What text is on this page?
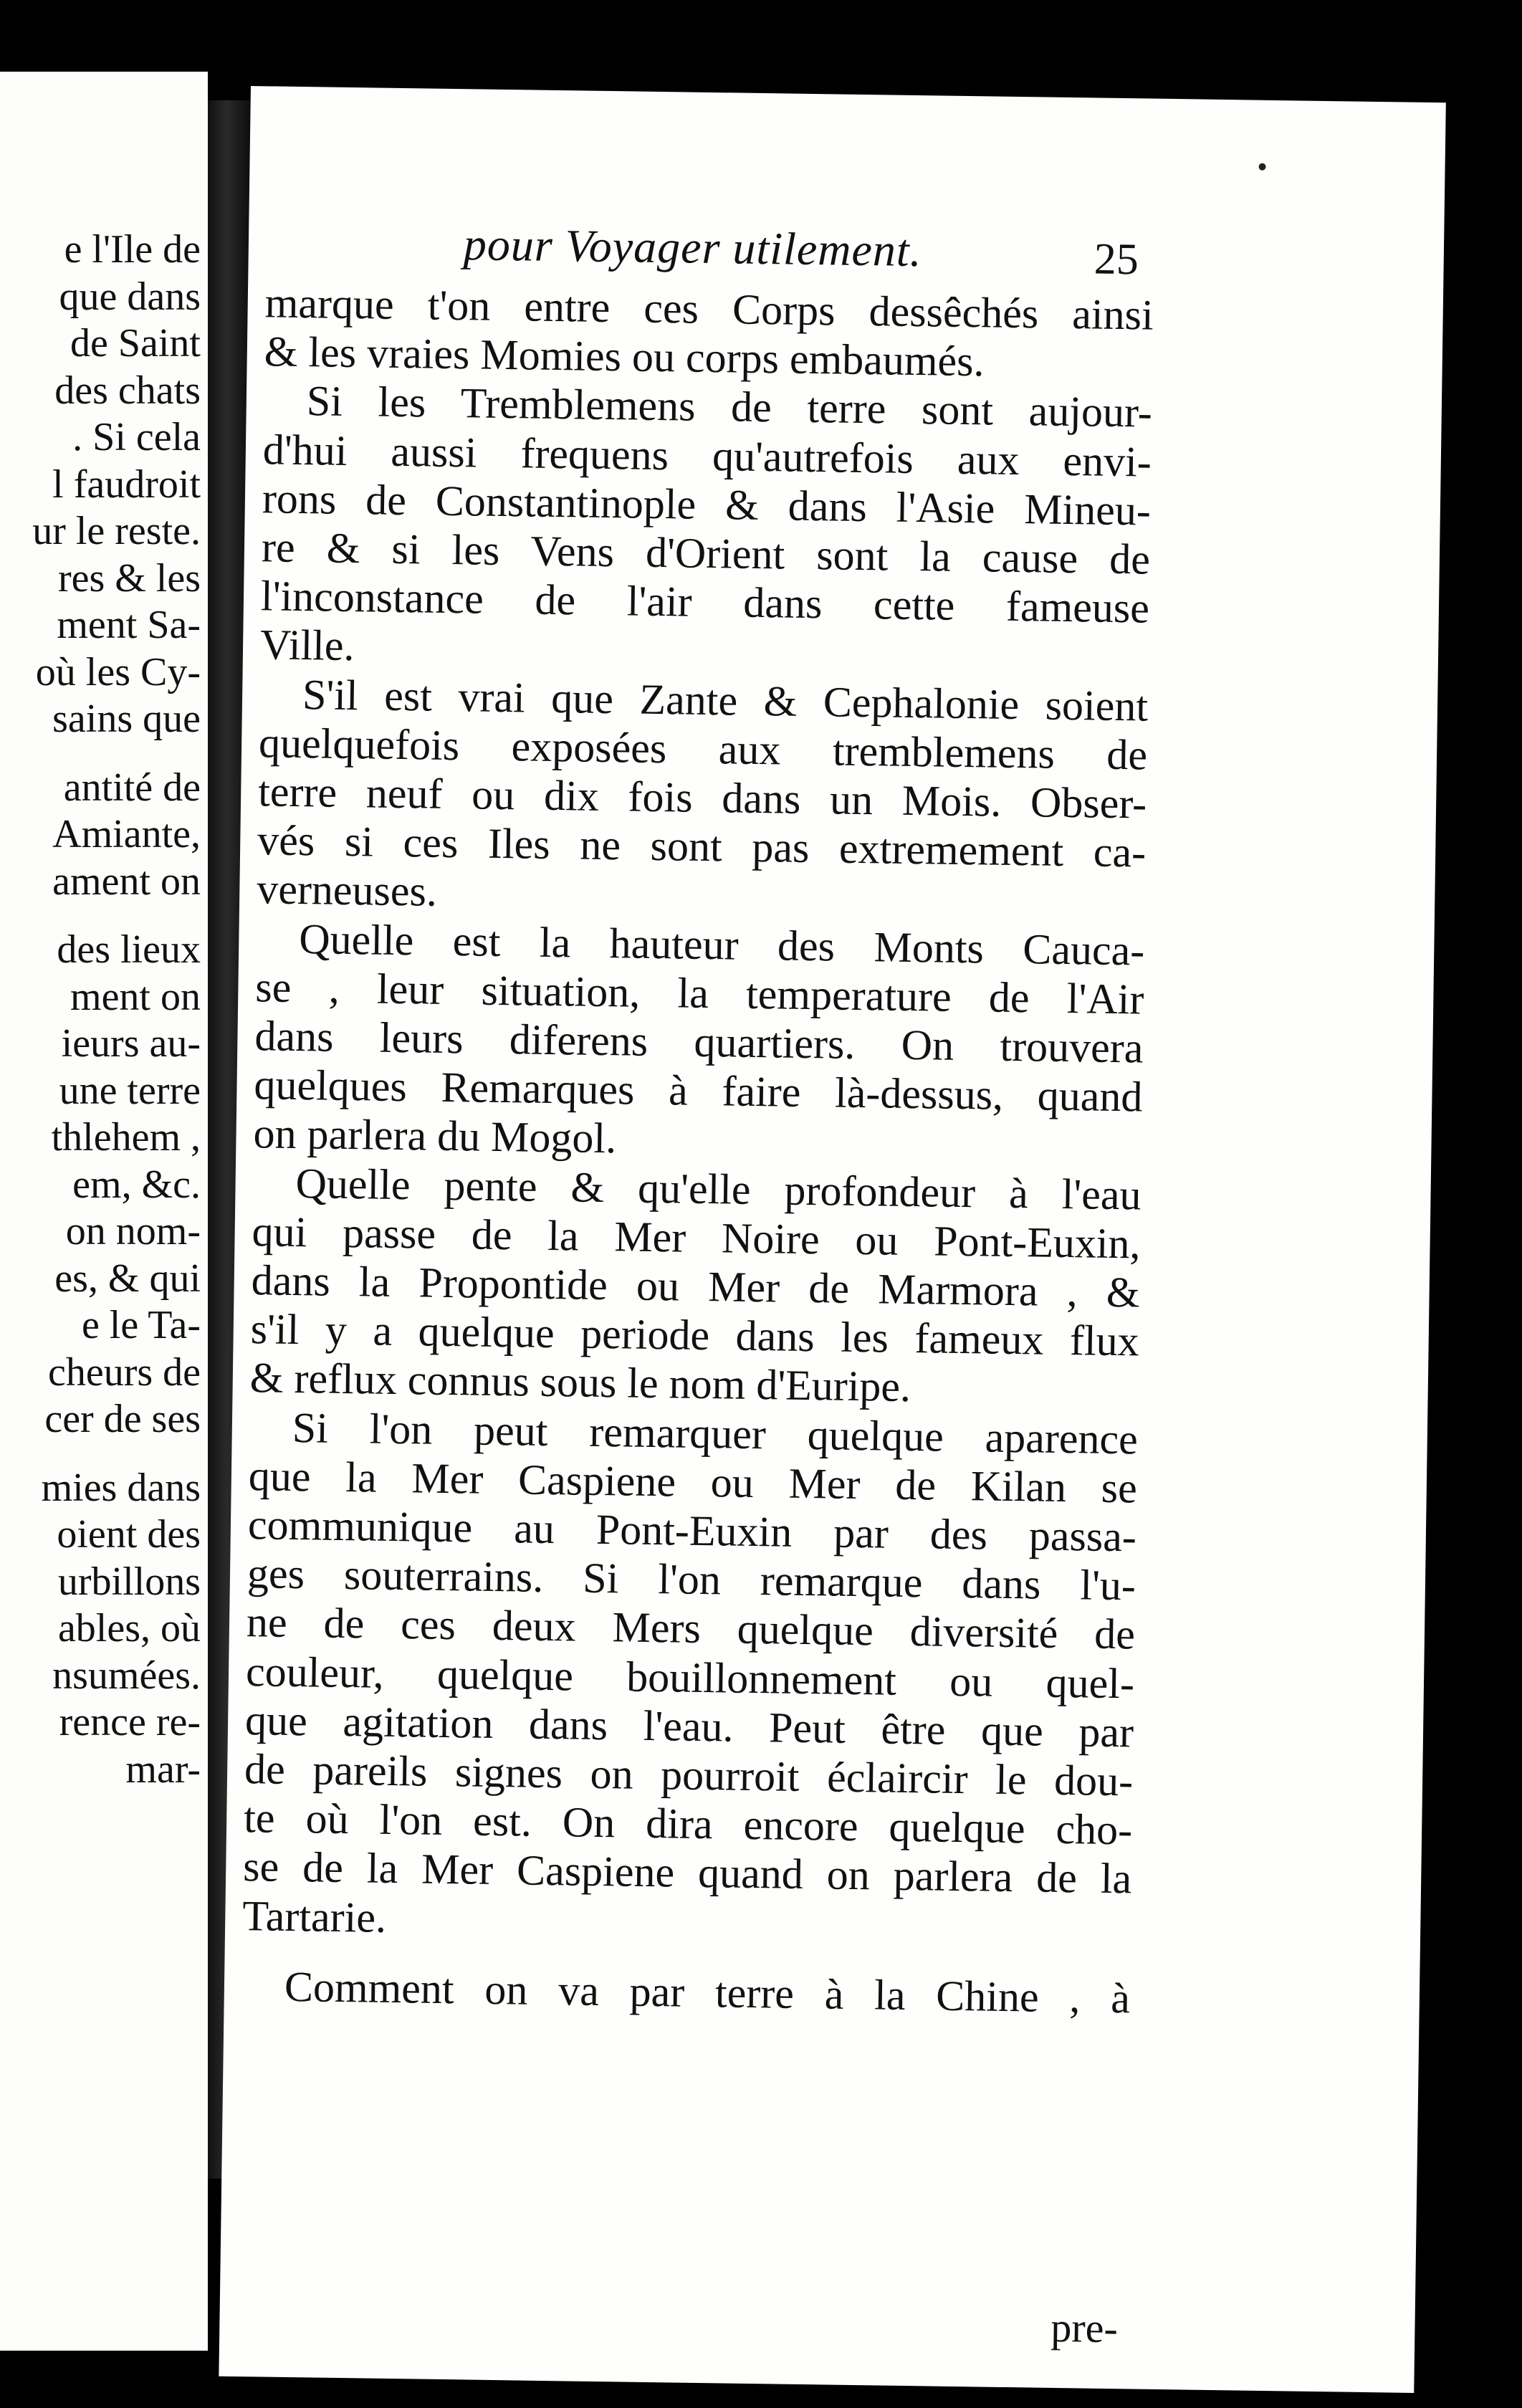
e l'Ile de
que dans
de Saint
des chats
. Si cela
l faudroit
ur le reste.
res & les
ment Sa-
où les Cy-
sains que
antité de
Amiante,
ament on
des lieux
ment on
ieurs au-
une terre
thlehem ,
em, &c.
on nom-
es, & qui
e le Ta-
cheurs de
cer de ses
mies dans
oient des
urbillons
ables, où
nsumées.
rence re-
mar-
pour Voyager utilement.	25
pre-
marque t'on entre ces Corps dessêchés ainsi
& les vraies Momies ou corps embaumés.
Si les Tremblemens de terre sont aujour-
d'hui aussi frequens qu'autrefois aux envi-
rons de Constantinople & dans l'Asie Mineu-
re & si les Vens d'Orient sont la cause de
l'inconstance de l'air dans cette fameuse
Ville.
S'il est vrai que Zante & Cephalonie soient
quelquefois exposées aux tremblemens de
terre neuf ou dix fois dans un Mois. Obser-
vés si ces Iles ne sont pas extremement ca-
verneuses.
Quelle est la hauteur des Monts Cauca-
se , leur situation, la temperature de l'Air
dans leurs diferens quartiers. On trouvera
quelques Remarques à faire là-dessus, quand
on parlera du Mogol.
Quelle pente & qu'elle profondeur à l'eau
qui passe de la Mer Noire ou Pont-Euxin,
dans la Propontide ou Mer de Marmora , &
s'il y a quelque periode dans les fameux flux
& reflux connus sous le nom d'Euripe.
Si l'on peut remarquer quelque aparence
que la Mer Caspiene ou Mer de Kilan se
communique au Pont-Euxin par des passa-
ges souterrains. Si l'on remarque dans l'u-
ne de ces deux Mers quelque diversité de
couleur, quelque bouillonnement ou quel-
que agitation dans l'eau. Peut être que par
de pareils signes on pourroit éclaircir le dou-
te où l'on est. On dira encore quelque cho-
se de la Mer Caspiene quand on parlera de la
Tartarie.
Comment on va par terre à la Chine , à
